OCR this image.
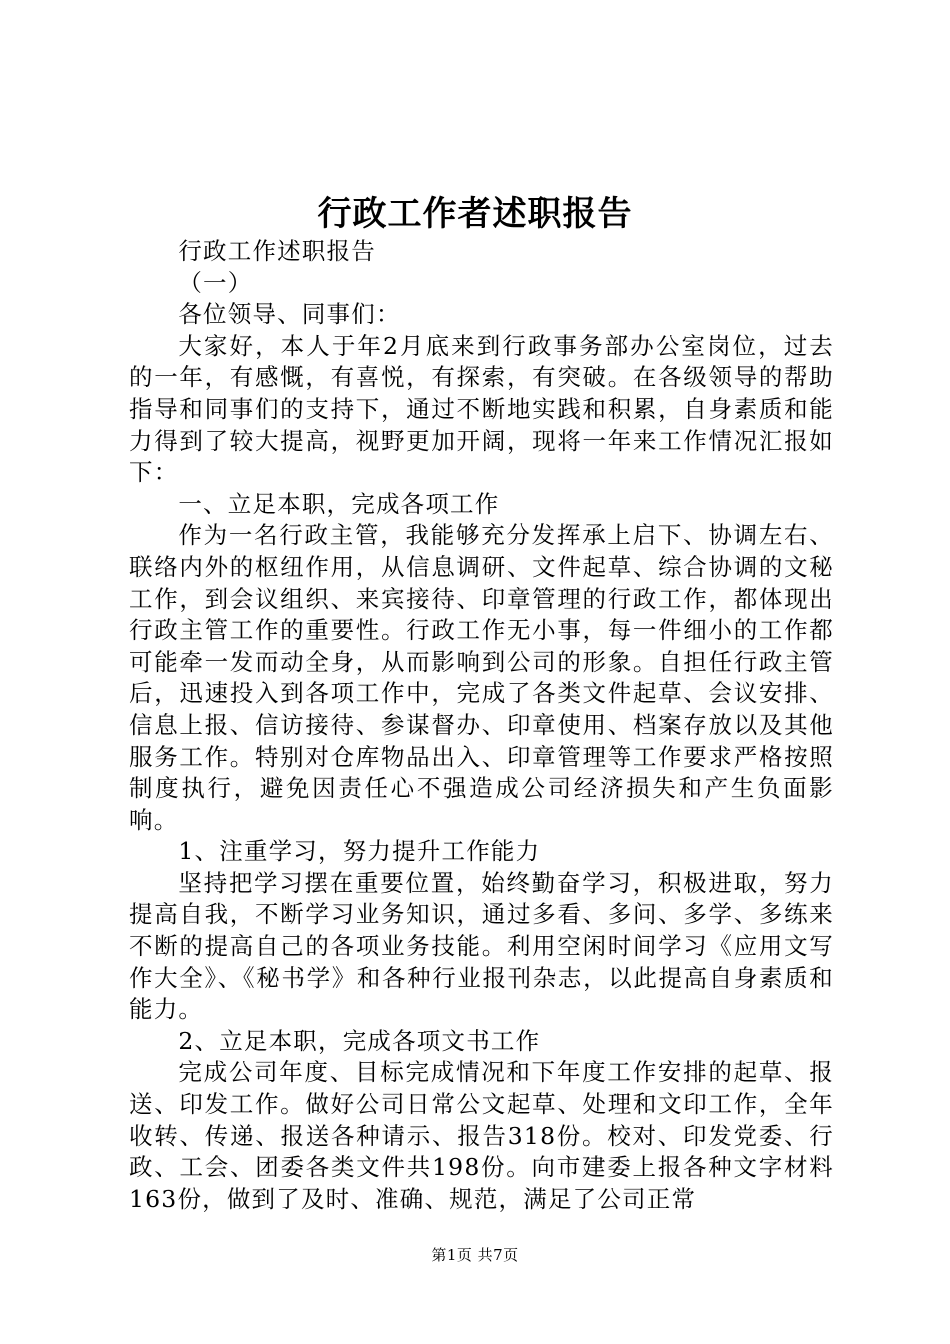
行政工作者述职报告

行政工作述职报告

（一）

各位领导、同事们：

大家好，本人于年2月底来到行政事务部办公室岗位，过去的一年，有感慨，有喜悦，有探索，有突破。在各级领导的帮助指导和同事们的支持下，通过不断地实践和积累，自身素质和能力得到了较大提高，视野更加开阔，现将一年来工作情况汇报如下：

一、立足本职，完成各项工作

作为一名行政主管，我能够充分发挥承上启下、协调左右、联络内外的枢纽作用，从信息调研、文件起草、综合协调的文秘工作，到会议组织、来宾接待、印章管理的行政工作，都体现出行政主管工作的重要性。行政工作无小事，每一件细小的工作都可能牵一发而动全身，从而影响到公司的形象。自担任行政主管后，迅速投入到各项工作中，完成了各类文件起草、会议安排、信息上报、信访接待、参谋督办、印章使用、档案存放以及其他服务工作。特别对仓库物品出入、印章管理等工作要求严格按照制度执行，避免因责任心不强造成公司经济损失和产生负面影响。

1、注重学习，努力提升工作能力

坚持把学习摆在重要位置，始终勤奋学习，积极进取，努力提高自我，不断学习业务知识，通过多看、多问、多学、多练来不断的提高自己的各项业务技能。利用空闲时间学习《应用文写作大全》、《秘书学》和各种行业报刊杂志，以此提高自身素质和能力。

2、立足本职，完成各项文书工作

完成公司年度、目标完成情况和下年度工作安排的起草、报送、印发工作。做好公司日常公文起草、处理和文印工作，全年收转、传递、报送各种请示、报告318份。校对、印发党委、行政、工会、团委各类文件共198份。向市建委上报各种文字材料163份，做到了及时、准确、规范，满足了公司正常

第1页 共7页
